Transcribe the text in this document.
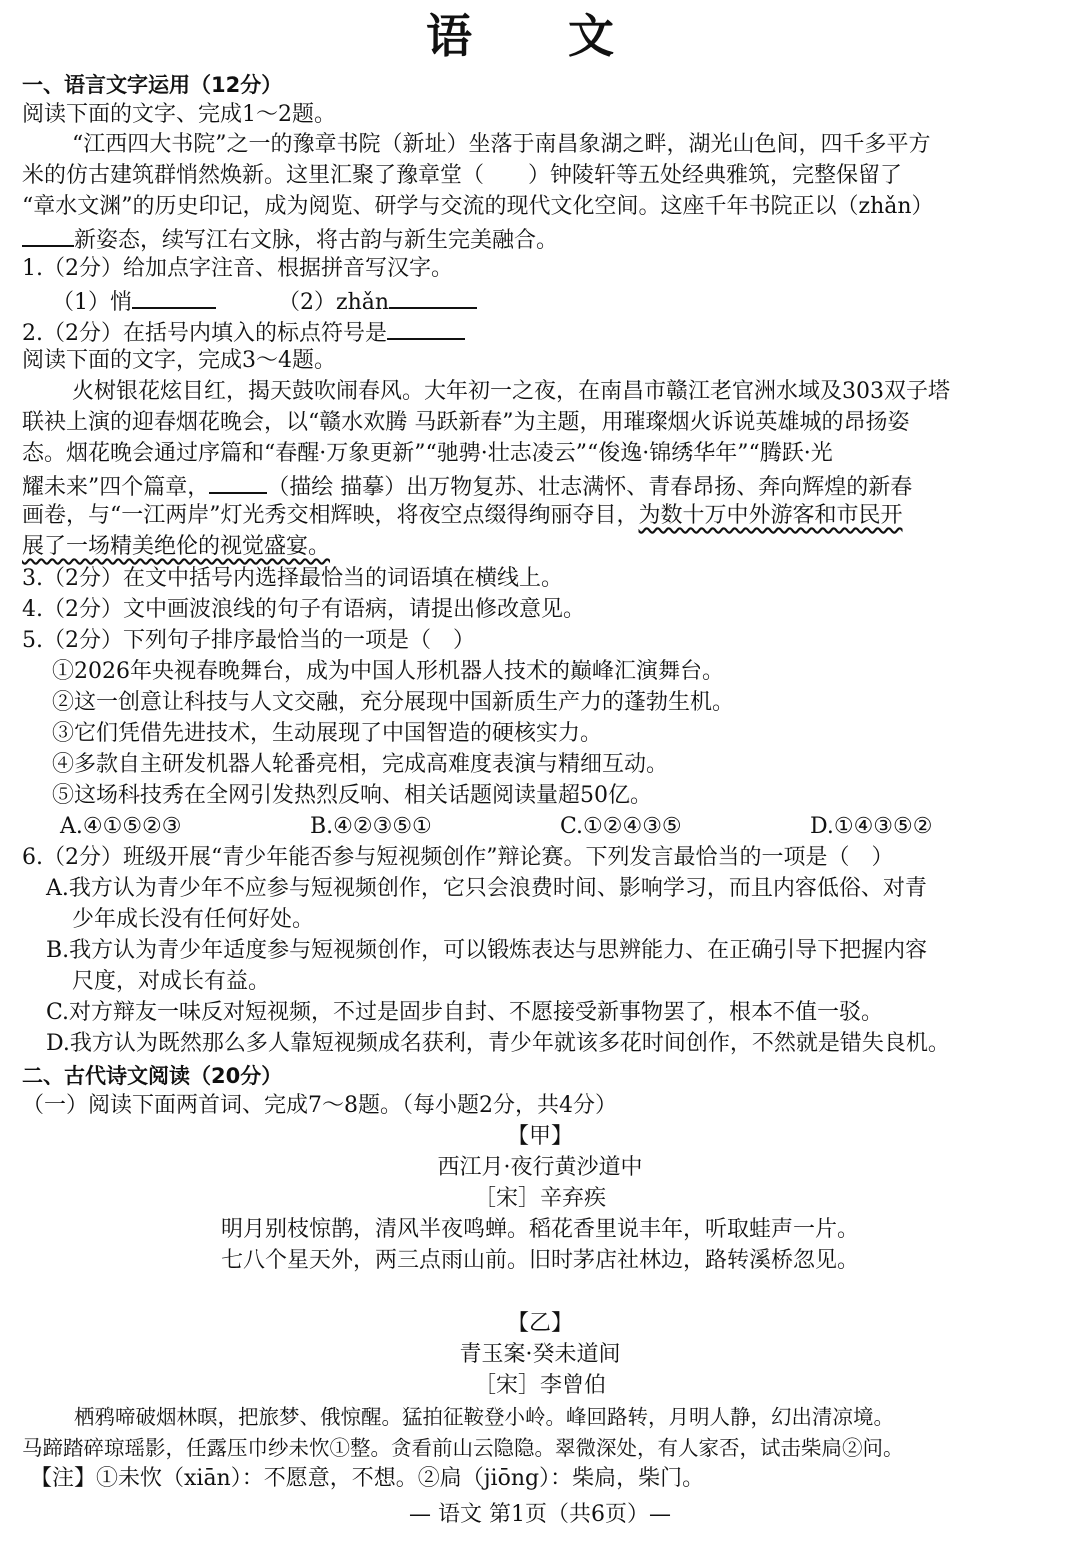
语 文
一、语言文字运用（12分）
阅读下面的文字、完成1～2题。
“江西四大书院”之一的豫章书院（新址）坐落于南昌象湖之畔，湖光山色间，四千多平方
米的仿古建筑群悄然焕新。这里汇聚了豫章堂（　　）钟陵轩等五处经典雅筑，完整保留了
“章水文渊”的历史印记，成为阅览、研学与交流的现代文化空间。这座千年书院正以（zhǎn）
新姿态，续写江右文脉，将古韵与新生完美融合。
1.（2分）给加点字注音、根据拼音写汉字。
（1）悄	（2）zhǎn
2.（2分）在括号内填入的标点符号是
阅读下面的文字，完成3～4题。
火树银花炫目红，揭天鼓吹闹春风。大年初一之夜，在南昌市赣江老官洲水域及303双子塔
联袂上演的迎春烟花晚会，以“赣水欢腾 马跃新春”为主题，用璀璨烟火诉说英雄城的昂扬姿
态。烟花晚会通过序篇和“春醒·万象更新”“驰骋·壮志凌云”“俊逸·锦绣华年”“腾跃·光
耀未来”四个篇章，	（描绘 描摹）出万物复苏、壮志满怀、青春昂扬、奔向辉煌的新春
画卷，与“一江两岸”灯光秀交相辉映，将夜空点缀得绚丽夺目，为数十万中外游客和市民开
展了一场精美绝伦的视觉盛宴。
3.（2分）在文中括号内选择最恰当的词语填在横线上。
4.（2分）文中画波浪线的句子有语病，请提出修改意见。
5.（2分）下列句子排序最恰当的一项是（　）
①2026年央视春晚舞台，成为中国人形机器人技术的巅峰汇演舞台。
②这一创意让科技与人文交融，充分展现中国新质生产力的蓬勃生机。
③它们凭借先进技术，生动展现了中国智造的硬核实力。
④多款自主研发机器人轮番亮相，完成高难度表演与精细互动。
⑤这场科技秀在全网引发热烈反响、相关话题阅读量超50亿。
A.④①⑤②③	B.④②③⑤①	C.①②④③⑤	D.①④③⑤②
6.（2分）班级开展“青少年能否参与短视频创作”辩论赛。下列发言最恰当的一项是（　）
A.我方认为青少年不应参与短视频创作，它只会浪费时间、影响学习，而且内容低俗、对青
少年成长没有任何好处。
B.我方认为青少年适度参与短视频创作，可以锻炼表达与思辨能力、在正确引导下把握内容
尺度，对成长有益。
C.对方辩友一味反对短视频，不过是固步自封、不愿接受新事物罢了，根本不值一驳。
D.我方认为既然那么多人靠短视频成名获利，青少年就该多花时间创作，不然就是错失良机。
二、古代诗文阅读（20分）
（一）阅读下面两首词、完成7～8题。（每小题2分，共4分）
【甲】
西江月·夜行黄沙道中
［宋］辛弃疾
明月别枝惊鹊，清风半夜鸣蝉。稻花香里说丰年，听取蛙声一片。
七八个星天外，两三点雨山前。旧时茅店社林边，路转溪桥忽见。
【乙】
青玉案·癸未道间
［宋］李曾伯
栖鸦啼破烟林暝，把旅梦、俄惊醒。猛拍征鞍登小岭。峰回路转，月明人静，幻出清凉境。
马蹄踏碎琼瑶影，任露压巾纱未忺①整。贪看前山云隐隐。翠微深处，有人家否，试击柴扃②问。
【注】①未忺（xiān）：不愿意，不想。②扃（jiōng）：柴扃，柴门。
— 语文 第1页（共6页）—
